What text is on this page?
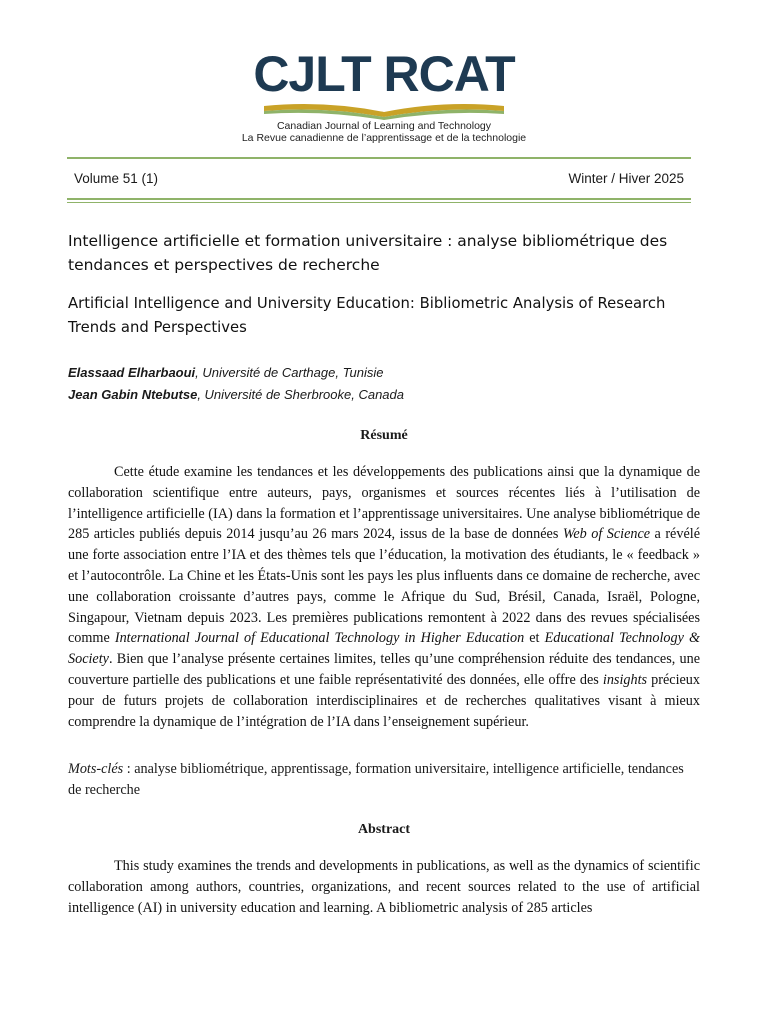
CJLT RCAT
Canadian Journal of Learning and Technology
La Revue canadienne de l’apprentissage et de la technologie
Volume 51 (1)	Winter / Hiver 2025
Intelligence artificielle et formation universitaire : analyse bibliométrique des tendances et perspectives de recherche
Artificial Intelligence and University Education: Bibliometric Analysis of Research Trends and Perspectives
Elassaad Elharbaoui, Université de Carthage, Tunisie
Jean Gabin Ntebutse, Université de Sherbrooke, Canada
Résumé

Cette étude examine les tendances et les développements des publications ainsi que la dynamique de collaboration scientifique entre auteurs, pays, organismes et sources récentes liés à l’utilisation de l’intelligence artificielle (IA) dans la formation et l’apprentissage universitaires. Une analyse bibliométrique de 285 articles publiés depuis 2014 jusqu’au 26 mars 2024, issus de la base de données Web of Science a révélé une forte association entre l’IA et des thèmes tels que l’éducation, la motivation des étudiants, le « feedback » et l’autocontrôle. La Chine et les États-Unis sont les pays les plus influents dans ce domaine de recherche, avec une collaboration croissante d’autres pays, comme le Afrique du Sud, Brésil, Canada, Israël, Pologne, Singapour, Vietnam depuis 2023. Les premières publications remontent à 2022 dans des revues spécialisées comme International Journal of Educational Technology in Higher Education et Educational Technology & Society. Bien que l’analyse présente certaines limites, telles qu’une compréhension réduite des tendances, une couverture partielle des publications et une faible représentativité des données, elle offre des insights précieux pour de futurs projets de collaboration interdisciplinaires et de recherches qualitatives visant à mieux comprendre la dynamique de l’intégration de l’IA dans l’enseignement supérieur.

Mots-clés : analyse bibliométrique, apprentissage, formation universitaire, intelligence artificielle, tendances de recherche
Abstract

This study examines the trends and developments in publications, as well as the dynamics of scientific collaboration among authors, countries, organizations, and recent sources related to the use of artificial intelligence (AI) in university education and learning. A bibliometric analysis of 285 articles
